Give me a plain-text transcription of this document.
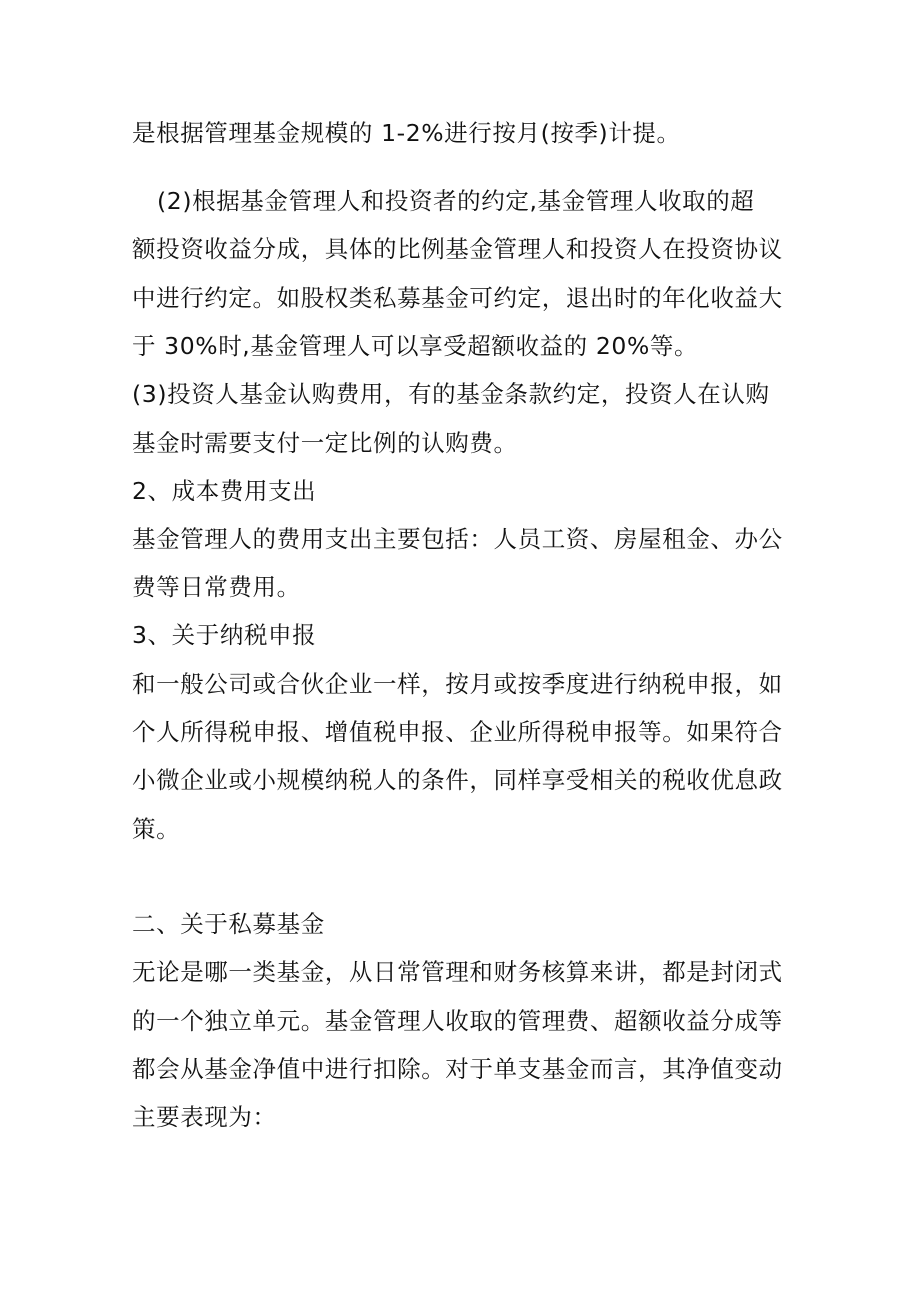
是根据管理基金规模的 1-2%进行按月(按季)计提。
(2)根据基金管理人和投资者的约定,基金管理人收取的超
额投资收益分成，具体的比例基金管理人和投资人在投资协议
中进行约定。如股权类私募基金可约定，退出时的年化收益大
于 30%时,基金管理人可以享受超额收益的 20%等。
(3)投资人基金认购费用，有的基金条款约定，投资人在认购
基金时需要支付一定比例的认购费。
2、成本费用支出
基金管理人的费用支出主要包括：人员工资、房屋租金、办公
费等日常费用。
3、关于纳税申报
和一般公司或合伙企业一样，按月或按季度进行纳税申报，如
个人所得税申报、增值税申报、企业所得税申报等。如果符合
小微企业或小规模纳税人的条件，同样享受相关的税收优息政
策。
二、关于私募基金
无论是哪一类基金，从日常管理和财务核算来讲，都是封闭式
的一个独立单元。基金管理人收取的管理费、超额收益分成等
都会从基金净值中进行扣除。对于单支基金而言，其净值变动
主要表现为：
